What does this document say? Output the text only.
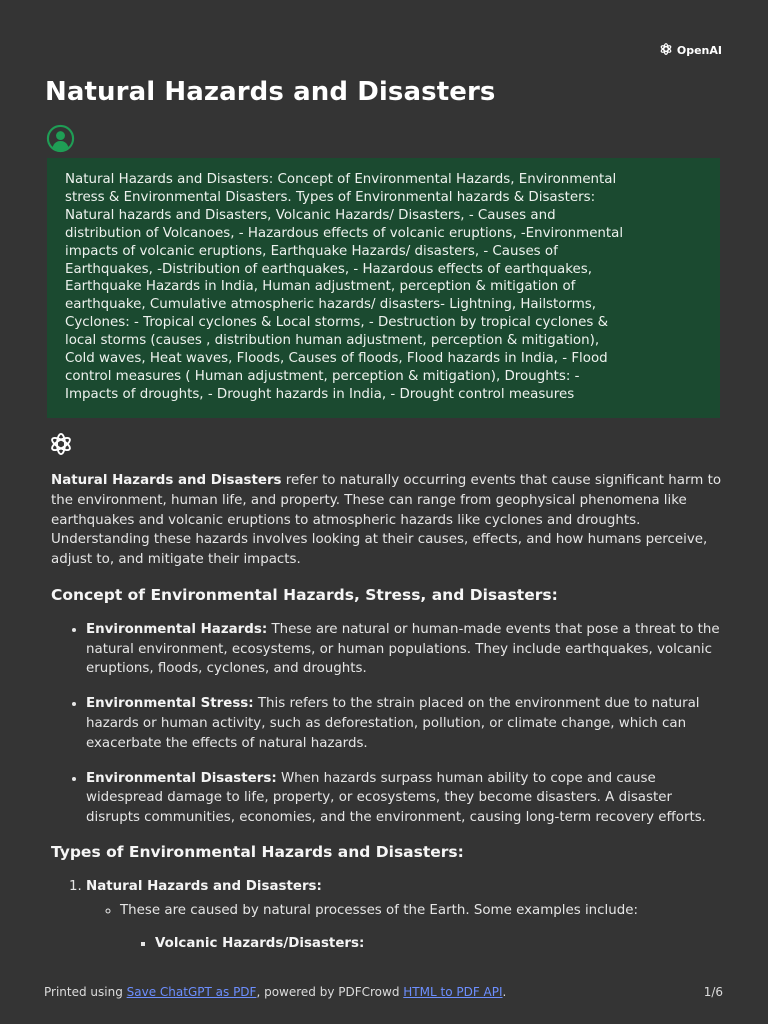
OpenAI
Natural Hazards and Disasters

Natural Hazards and Disasters: Concept of Environmental Hazards, Environmental stress & Environmental Disasters. Types of Environmental hazards & Disasters: Natural hazards and Disasters, Volcanic Hazards/ Disasters, - Causes and distribution of Volcanoes, - Hazardous effects of volcanic eruptions, -Environmental impacts of volcanic eruptions, Earthquake Hazards/ disasters, - Causes of Earthquakes, -Distribution of earthquakes, - Hazardous effects of earthquakes, Earthquake Hazards in India, Human adjustment, perception & mitigation of earthquake, Cumulative atmospheric hazards/ disasters- Lightning, Hailstorms, Cyclones: - Tropical cyclones & Local storms, - Destruction by tropical cyclones & local storms (causes , distribution human adjustment, perception & mitigation), Cold waves, Heat waves, Floods, Causes of floods, Flood hazards in India, - Flood control measures ( Human adjustment, perception & mitigation), Droughts: - Impacts of droughts, - Drought hazards in India, - Drought control measures

Natural Hazards and Disasters refer to naturally occurring events that cause significant harm to the environment, human life, and property. These can range from geophysical phenomena like earthquakes and volcanic eruptions to atmospheric hazards like cyclones and droughts. Understanding these hazards involves looking at their causes, effects, and how humans perceive, adjust to, and mitigate their impacts.

Concept of Environmental Hazards, Stress, and Disasters:
• Environmental Hazards: These are natural or human-made events that pose a threat to the natural environment, ecosystems, or human populations. They include earthquakes, volcanic eruptions, floods, cyclones, and droughts.
• Environmental Stress: This refers to the strain placed on the environment due to natural hazards or human activity, such as deforestation, pollution, or climate change, which can exacerbate the effects of natural hazards.
• Environmental Disasters: When hazards surpass human ability to cope and cause widespread damage to life, property, or ecosystems, they become disasters. A disaster disrupts communities, economies, and the environment, causing long-term recovery efforts.
Types of Environmental Hazards and Disasters:
1. Natural Hazards and Disasters:
◦ These are caused by natural processes of the Earth. Some examples include:
▪ Volcanic Hazards/Disasters:
Printed using Save ChatGPT as PDF, powered by PDFCrowd HTML to PDF API.	1/6
